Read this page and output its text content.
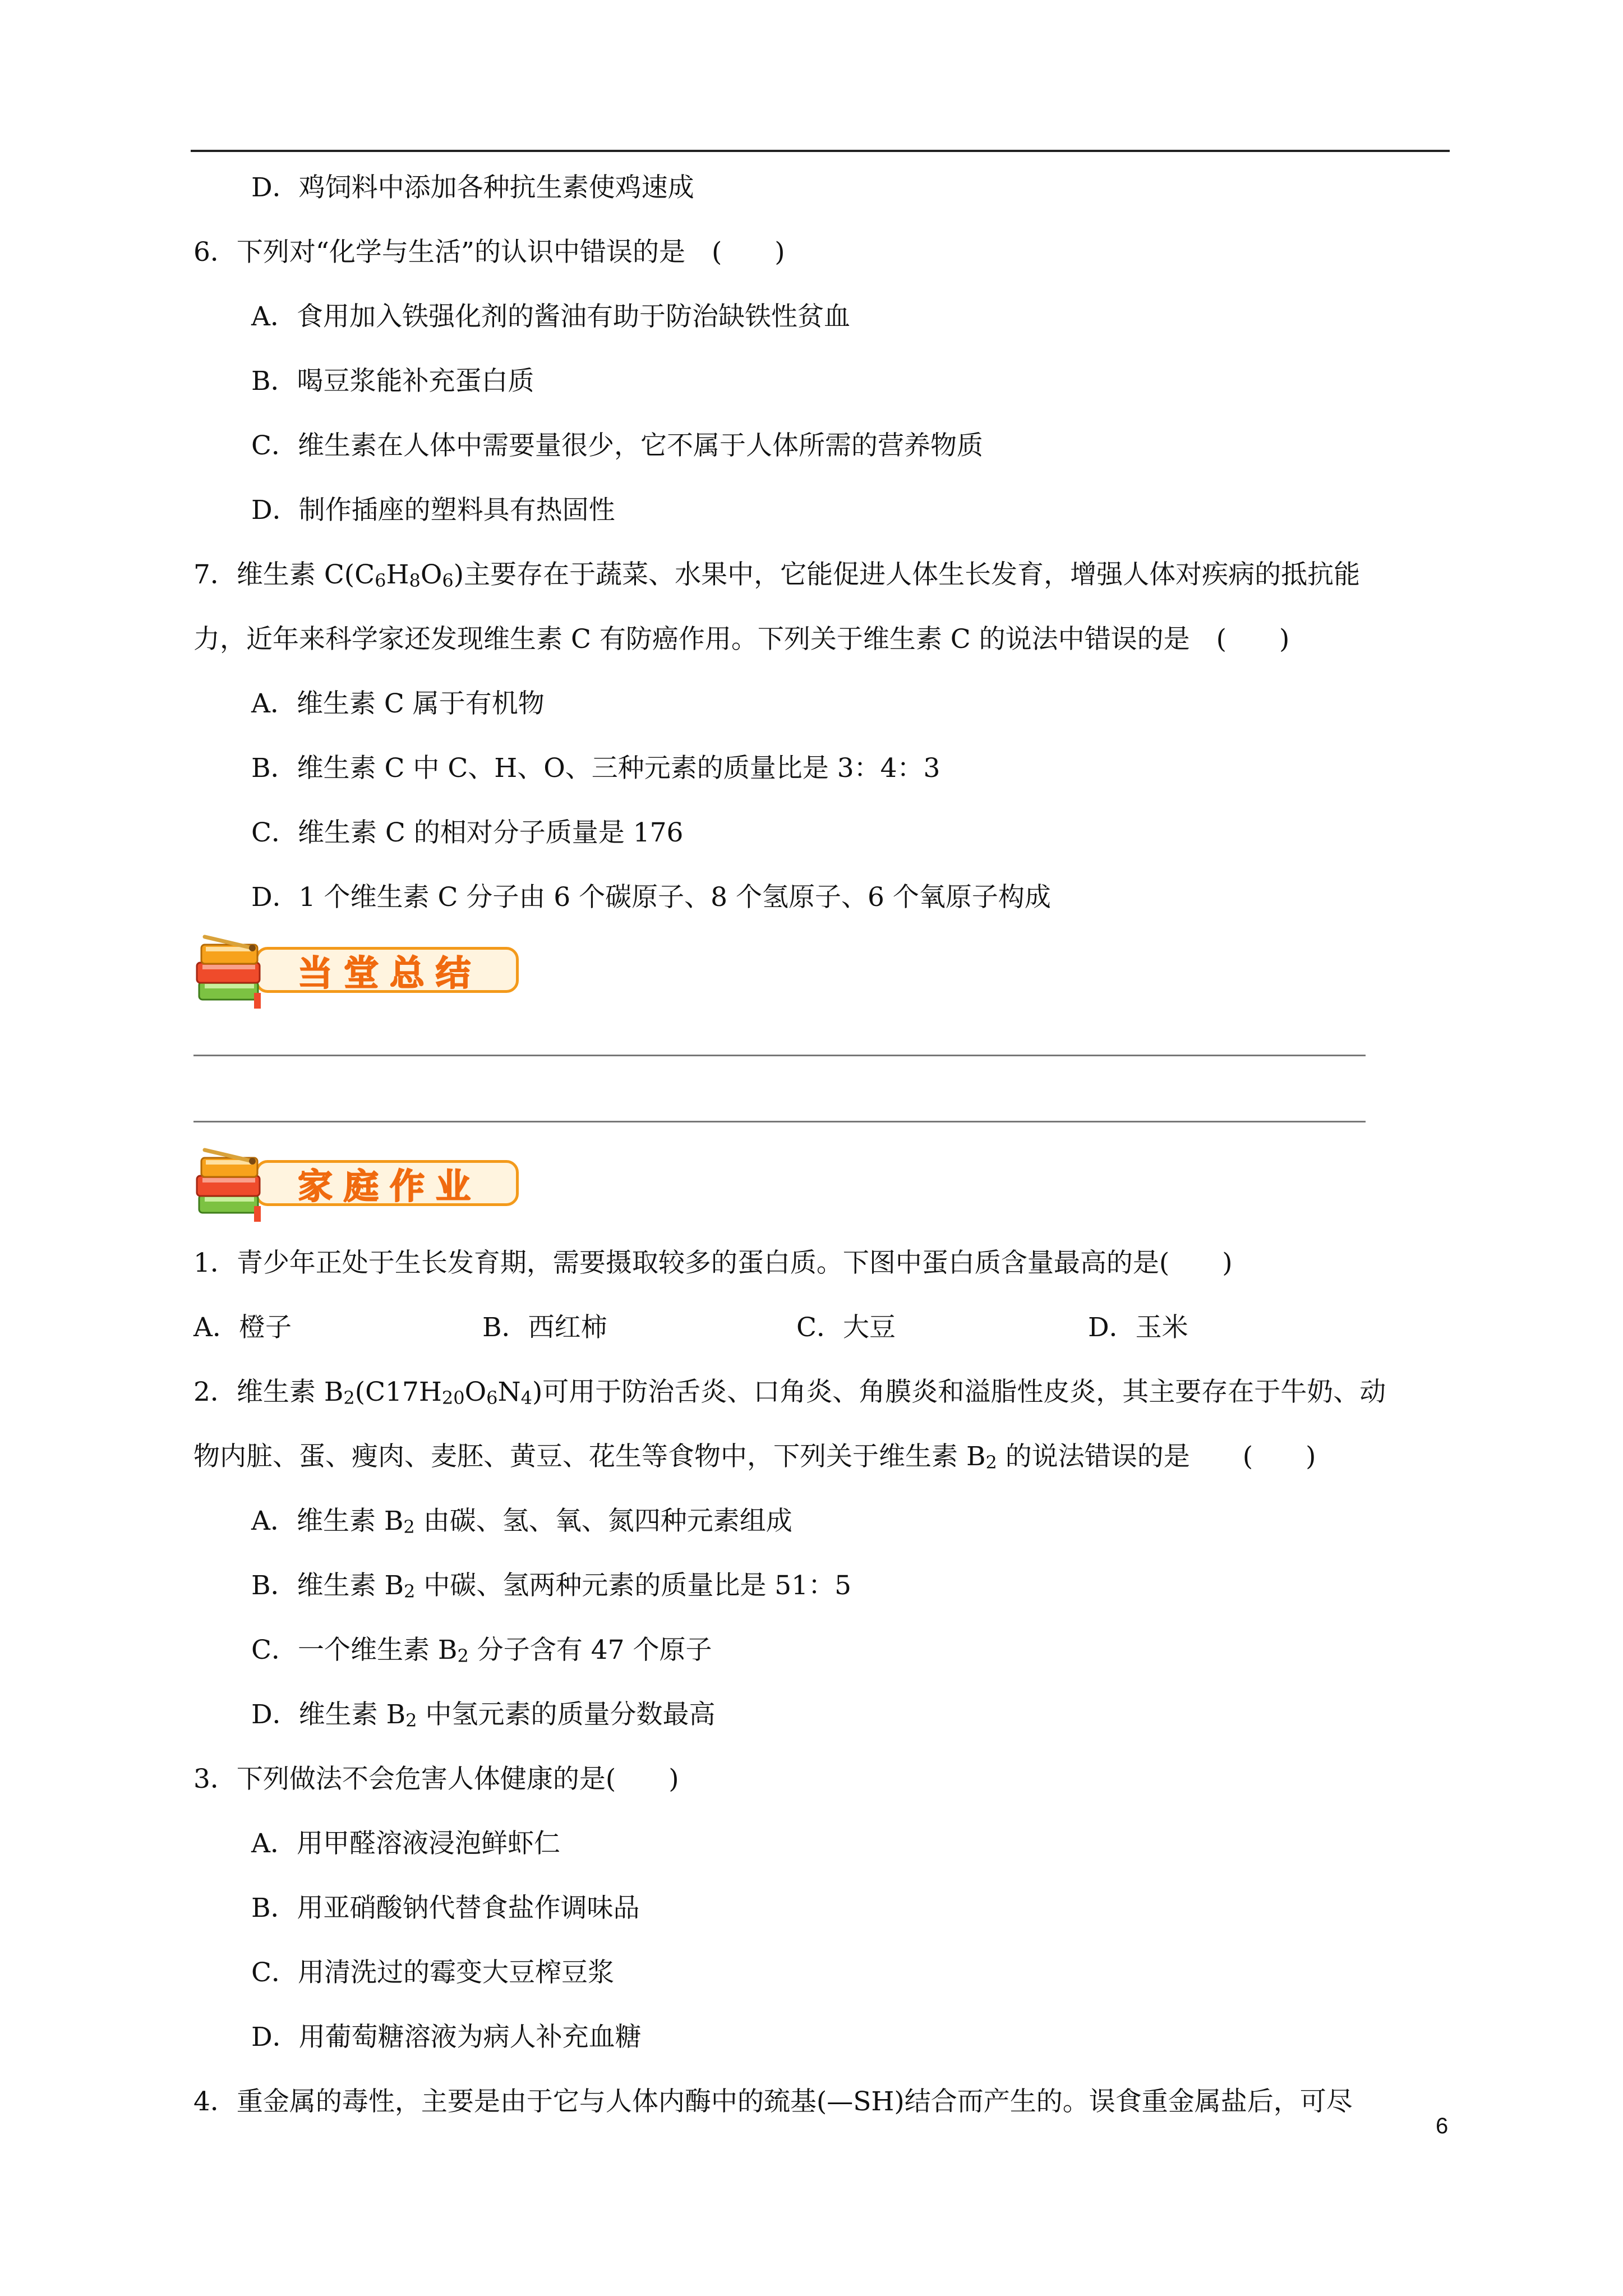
D．鸡饲料中添加各种抗生素使鸡速成
6．下列对“化学与生活”的认识中错误的是　(　　)
A．食用加入铁强化剂的酱油有助于防治缺铁性贫血
B．喝豆浆能补充蛋白质
C．维生素在人体中需要量很少，它不属于人体所需的营养物质
D．制作插座的塑料具有热固性
7．维生素 $C(C_6H_8O_6)$主要存在于蔬菜、水果中，它能促进人体生长发育，增强人体对疾病的抵抗能
力，近年来科学家还发现维生素 C 有防癌作用。下列关于维生素 C 的说法中错误的是　(　　)
A．维生素 C 属于有机物
B．维生素 C 中 C、H、O、三种元素的质量比是 3：4：3
C．维生素 C 的相对分子质量是 176
D．1 个维生素 C 分子由 6 个碳原子、8 个氢原子、6 个氧原子构成
当堂总结
家庭作业
1．青少年正处于生长发育期，需要摄取较多的蛋白质。下图中蛋白质含量最高的是(　　)
A．橙子	B．西红柿	C．大豆	D．玉米
2．维生素 $B_2(C17H_{20}O_6N_4)$可用于防治舌炎、口角炎、角膜炎和溢脂性皮炎，其主要存在于牛奶、动
物内脏、蛋、瘦肉、麦胚、黄豆、花生等食物中，下列关于维生素 $B_2$ 的说法错误的是　　(　　)
A．维生素 $B_2$ 由碳、氢、氧、氮四种元素组成
B．维生素 $B_2$ 中碳、氢两种元素的质量比是 51：5
C．一个维生素 $B_2$ 分子含有 47 个原子
D．维生素 $B_2$ 中氢元素的质量分数最高
3．下列做法不会危害人体健康的是(　　)
A．用甲醛溶液浸泡鲜虾仁
B．用亚硝酸钠代替食盐作调味品
C．用清洗过的霉变大豆榨豆浆
D．用葡萄糖溶液为病人补充血糖
4．重金属的毒性，主要是由于它与人体内酶中的巯基(—SH)结合而产生的。误食重金属盐后，可尽
6
